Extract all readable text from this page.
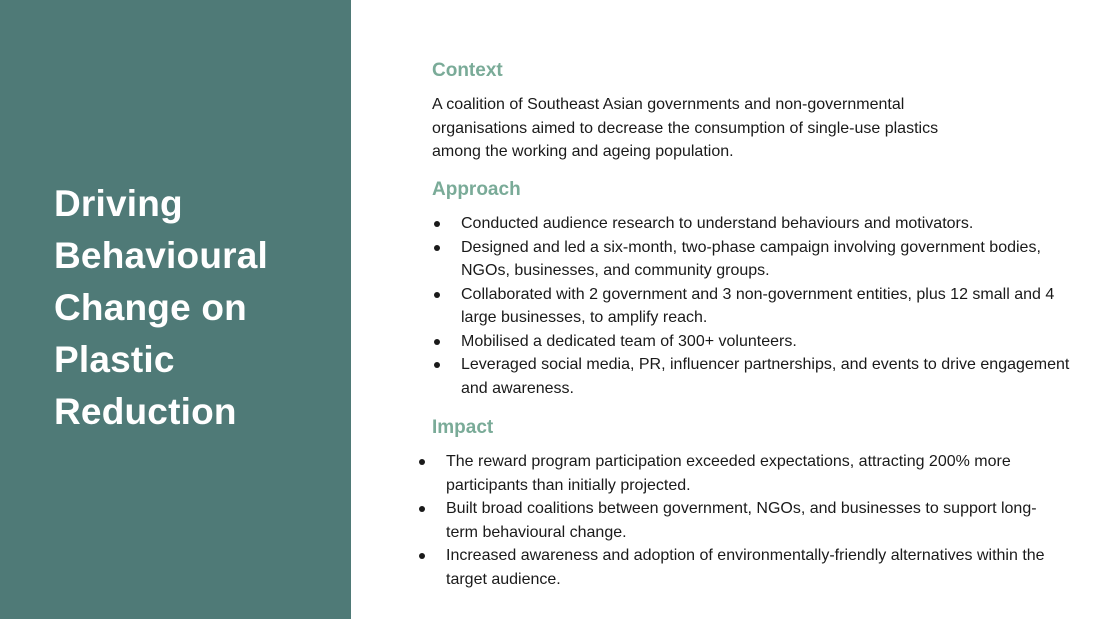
Driving Behavioural Change on Plastic Reduction
Context

A coalition of Southeast Asian governments and non-governmental organisations aimed to decrease the consumption of single-use plastics among the working and ageing population.

Approach
Conducted audience research to understand behaviours and motivators.
Designed and led a six-month, two-phase campaign involving government bodies, NGOs, businesses, and community groups.
Collaborated with 2 government and 3 non-government entities, plus 12 small and 4 large businesses, to amplify reach.
Mobilised a dedicated team of 300+ volunteers.
Leveraged social media, PR, influencer partnerships, and events to drive engagement and awareness.
Impact
The reward program participation exceeded expectations, attracting 200% more participants than initially projected.
Built broad coalitions between government, NGOs, and businesses to support long-term behavioural change.
Increased awareness and adoption of environmentally-friendly alternatives within the target audience.
